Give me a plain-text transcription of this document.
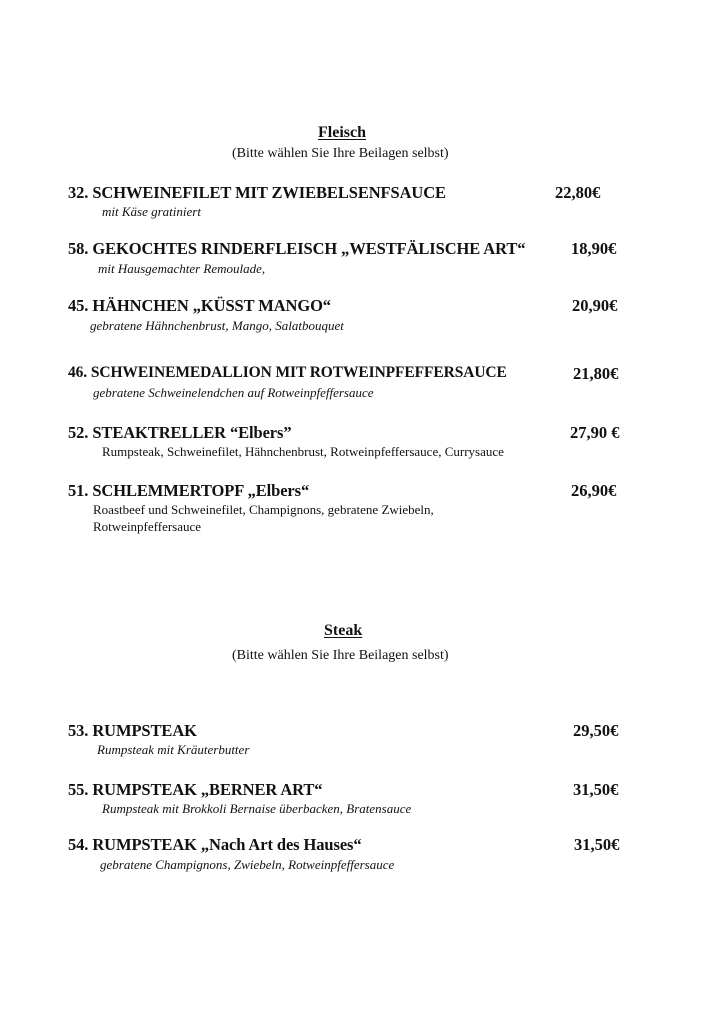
Fleisch
(Bitte wählen Sie Ihre Beilagen selbst)
32. SCHWEINEFILET MIT ZWIEBELSENFSAUCE	22,80€
mit Käse gratiniert
58. GEKOCHTES RINDERFLEISCH „WESTFÄLISCHE ART“	18,90€
mit Hausgemachter Remoulade,
45. HÄHNCHEN „KÜSST MANGO“	20,90€
gebratene Hähnchenbrust, Mango, Salatbouquet
46. SCHWEINEMEDALLION MIT ROTWEINPFEFFERSAUCE	21,80€
gebratene Schweinelendchen auf Rotweinpfeffersauce
52. STEAKTRELLER “Elbers”	27,90 €
Rumpsteak, Schweinefilet, Hähnchenbrust, Rotweinpfeffersauce, Currysauce
51. SCHLEMMERTOPF „Elbers“	26,90€
Roastbeef und Schweinefilet, Champignons, gebratene Zwiebeln,
Rotweinpfeffersauce
Steak
(Bitte wählen Sie Ihre Beilagen selbst)
53. RUMPSTEAK	29,50€
Rumpsteak mit Kräuterbutter
55. RUMPSTEAK „BERNER ART“	31,50€
Rumpsteak mit Brokkoli Bernaise überbacken, Bratensauce
54. RUMPSTEAK „Nach Art des Hauses“	31,50€
gebratene Champignons, Zwiebeln, Rotweinpfeffersauce
